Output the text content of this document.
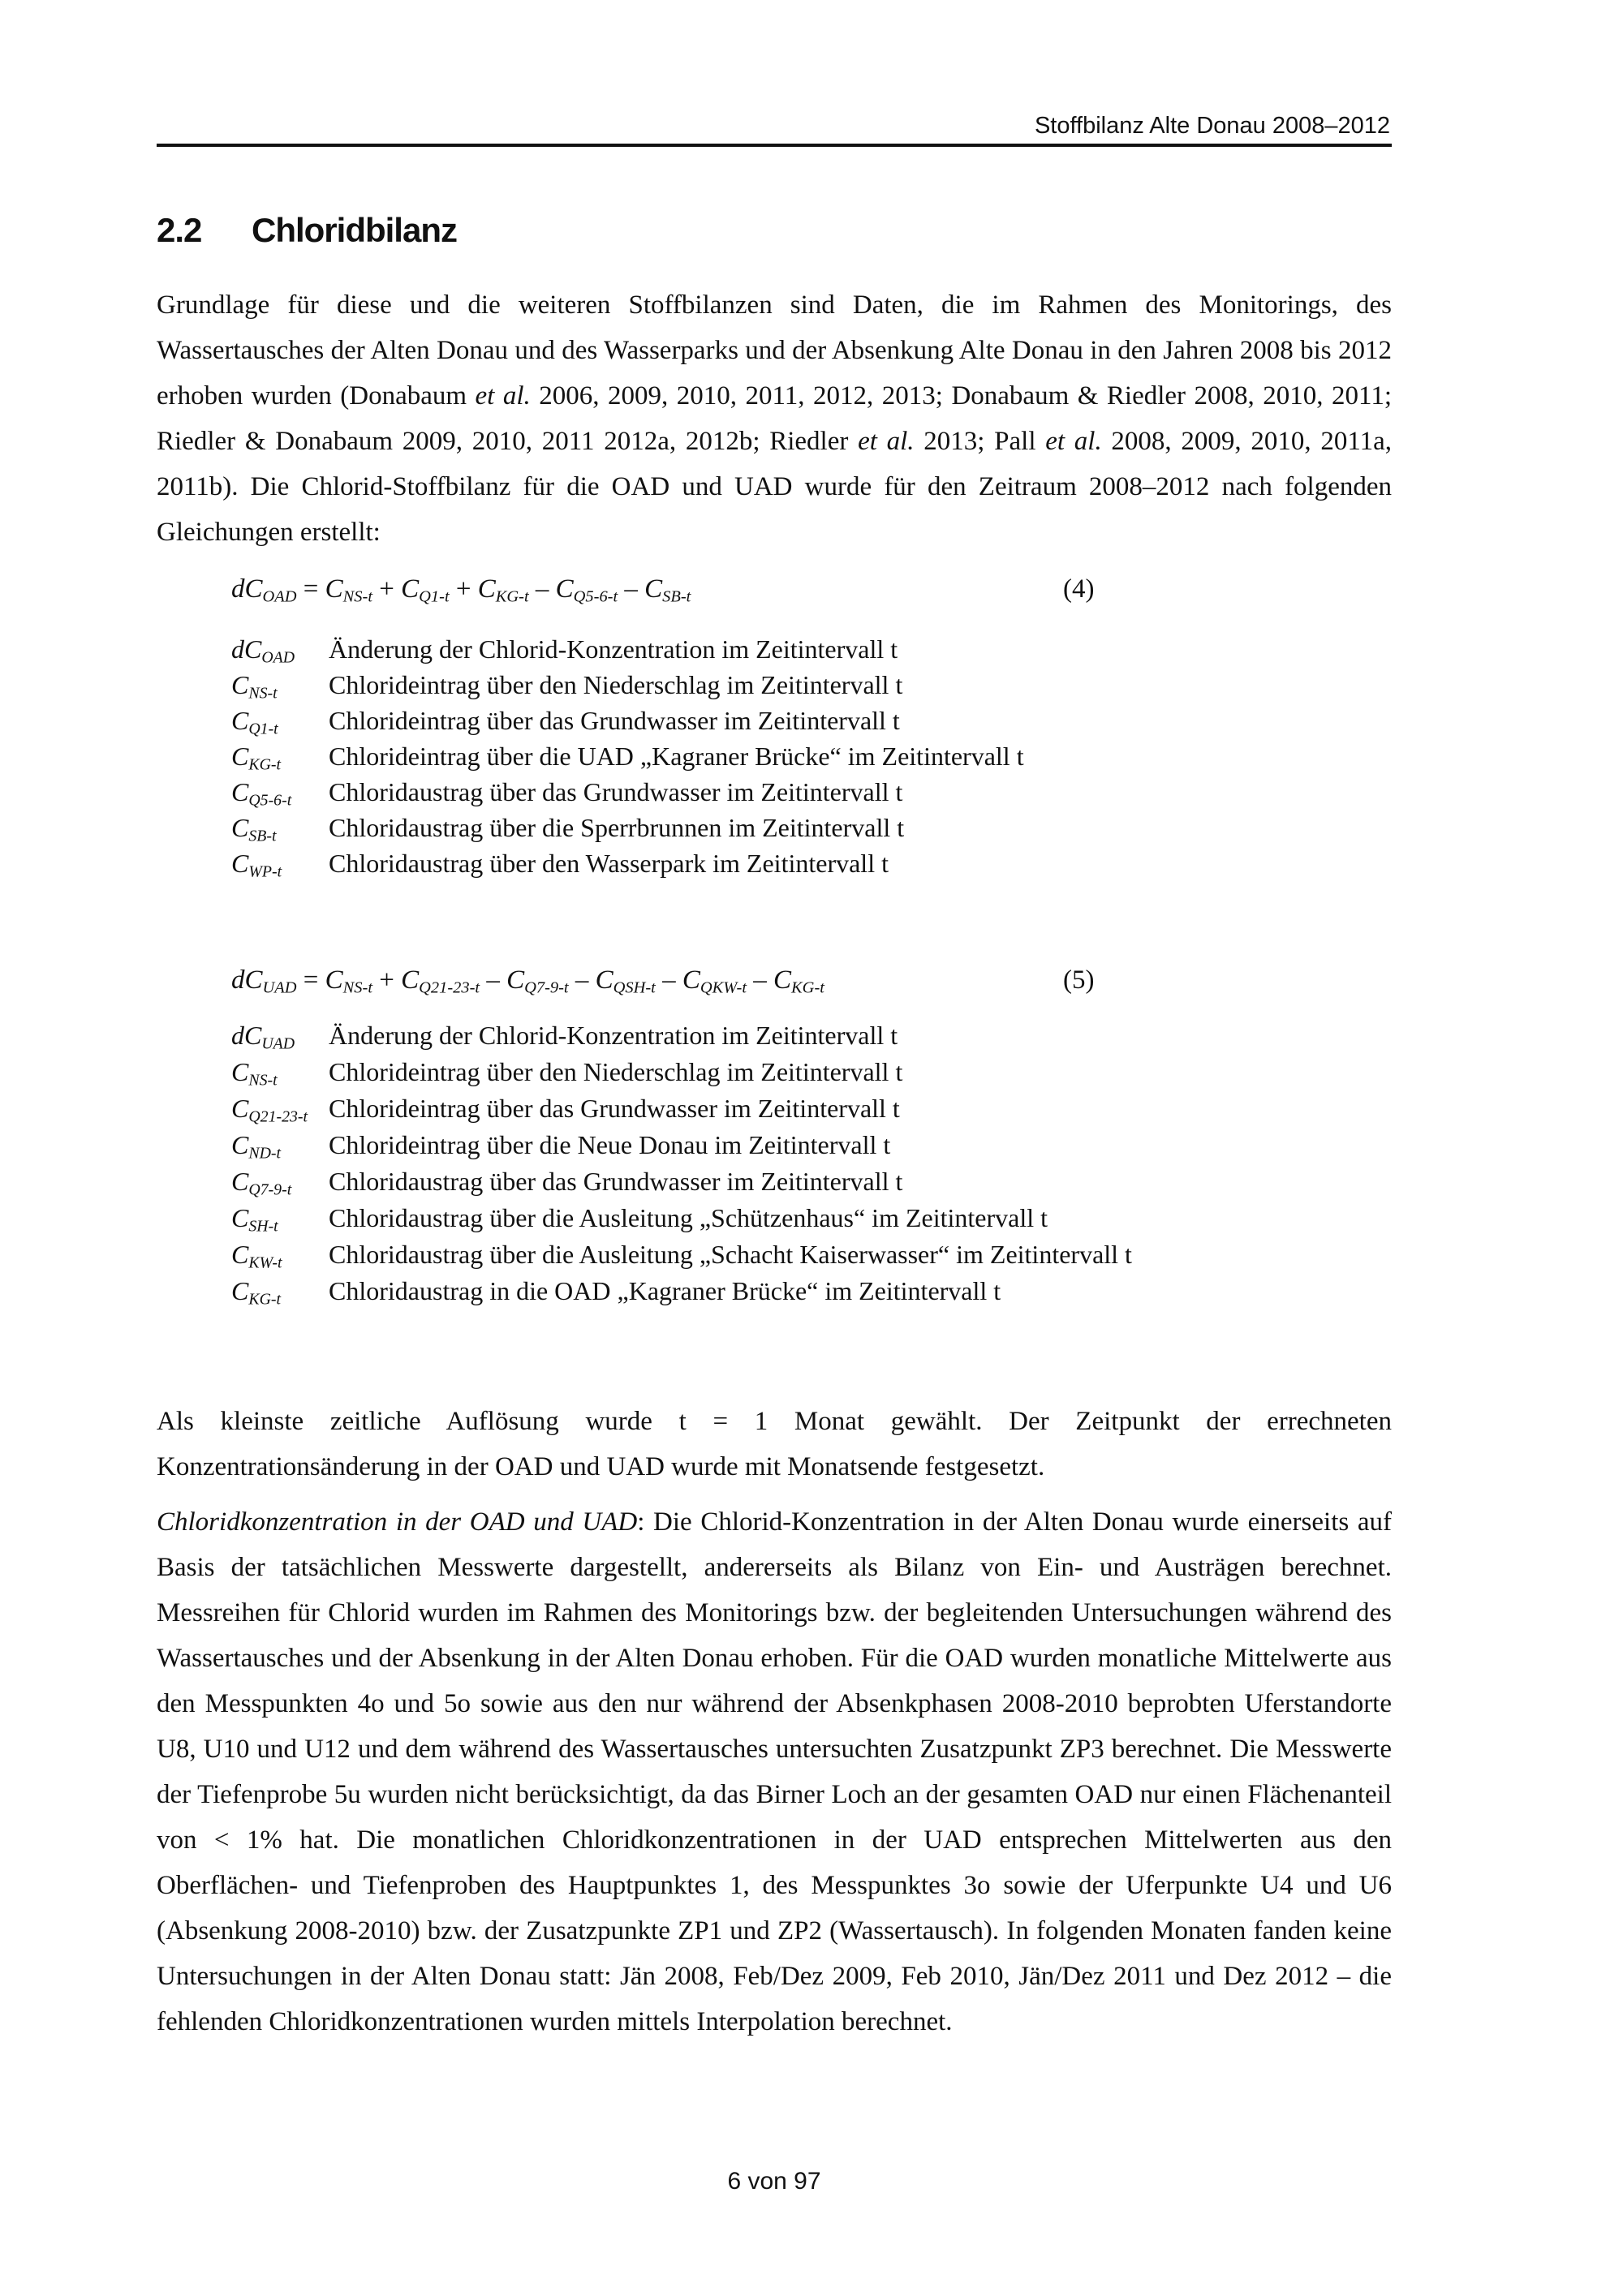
Stoffbilanz Alte Donau 2008–2012
2.2	Chloridbilanz
Grundlage für diese und die weiteren Stoffbilanzen sind Daten, die im Rahmen des Monitorings, des Wassertausches der Alten Donau und des Wasserparks und der Absenkung Alte Donau in den Jahren 2008 bis 2012 erhoben wurden (Donabaum et al. 2006, 2009, 2010, 2011, 2012, 2013; Donabaum & Riedler 2008, 2010, 2011; Riedler & Donabaum 2009, 2010, 2011 2012a, 2012b; Riedler et al. 2013; Pall et al. 2008, 2009, 2010, 2011a, 2011b). Die Chlorid-Stoffbilanz für die OAD und UAD wurde für den Zeitraum 2008–2012 nach folgenden Gleichungen erstellt:
$dC_{OAD} = C_{NS-t} + C_{Q1-t} + C_{KG-t} - C_{Q5-6-t} - C_{SB-t}$	(4)
$dC_{OAD}$	Änderung der Chlorid-Konzentration im Zeitintervall t
$C_{NS-t}$	Chlorideintrag über den Niederschlag im Zeitintervall t
$C_{Q1-t}$	Chlorideintrag über das Grundwasser im Zeitintervall t
$C_{KG-t}$	Chlorideintrag über die UAD „Kagraner Brücke“ im Zeitintervall t
$C_{Q5-6-t}$	Chloridaustrag über das Grundwasser im Zeitintervall t
$C_{SB-t}$	Chloridaustrag über die Sperrbrunnen im Zeitintervall t
$C_{WP-t}$	Chloridaustrag über den Wasserpark im Zeitintervall t
$dC_{UAD} = C_{NS-t} + C_{Q21-23-t} - C_{Q7-9-t} - C_{QSH-t} - C_{QKW-t} - C_{KG-t}$	(5)
$dC_{UAD}$	Änderung der Chlorid-Konzentration im Zeitintervall t
$C_{NS-t}$	Chlorideintrag über den Niederschlag im Zeitintervall t
$C_{Q21-23-t}$ Chlorideintrag über das Grundwasser im Zeitintervall t
$C_{ND-t}$	Chlorideintrag über die Neue Donau im Zeitintervall t
$C_{Q7-9-t}$	Chloridaustrag über das Grundwasser im Zeitintervall t
$C_{SH-t}$	Chloridaustrag über die Ausleitung „Schützenhaus“ im Zeitintervall t
$C_{KW-t}$	Chloridaustrag über die Ausleitung „Schacht Kaiserwasser“ im Zeitintervall t
$C_{KG-t}$	Chloridaustrag in die OAD „Kagraner Brücke“ im Zeitintervall t
Als kleinste zeitliche Auflösung wurde t = 1 Monat gewählt. Der Zeitpunkt der errechneten Konzentrationsänderung in der OAD und UAD wurde mit Monatsende festgesetzt.
Chloridkonzentration in der OAD und UAD: Die Chlorid-Konzentration in der Alten Donau wurde einerseits auf Basis der tatsächlichen Messwerte dargestellt, andererseits als Bilanz von Ein- und Austrägen berechnet. Messreihen für Chlorid wurden im Rahmen des Monitorings bzw. der begleitenden Untersuchungen während des Wassertausches und der Absenkung in der Alten Donau erhoben. Für die OAD wurden monatliche Mittelwerte aus den Messpunkten 4o und 5o sowie aus den nur während der Absenkphasen 2008-2010 beprobten Uferstandorte U8, U10 und U12 und dem während des Wassertausches untersuchten Zusatzpunkt ZP3 berechnet. Die Messwerte der Tiefenprobe 5u wurden nicht berücksichtigt, da das Birner Loch an der gesamten OAD nur einen Flächenanteil von < 1% hat. Die monatlichen Chloridkonzentrationen in der UAD entsprechen Mittelwerten aus den Oberflächen- und Tiefenproben des Hauptpunktes 1, des Messpunktes 3o sowie der Uferpunkte U4 und U6 (Absenkung 2008-2010) bzw. der Zusatzpunkte ZP1 und ZP2 (Wassertausch). In folgenden Monaten fanden keine Untersuchungen in der Alten Donau statt: Jän 2008, Feb/Dez 2009, Feb 2010, Jän/Dez 2011 und Dez 2012 – die fehlenden Chloridkonzentrationen wurden mittels Interpolation berechnet.
6 von 97
